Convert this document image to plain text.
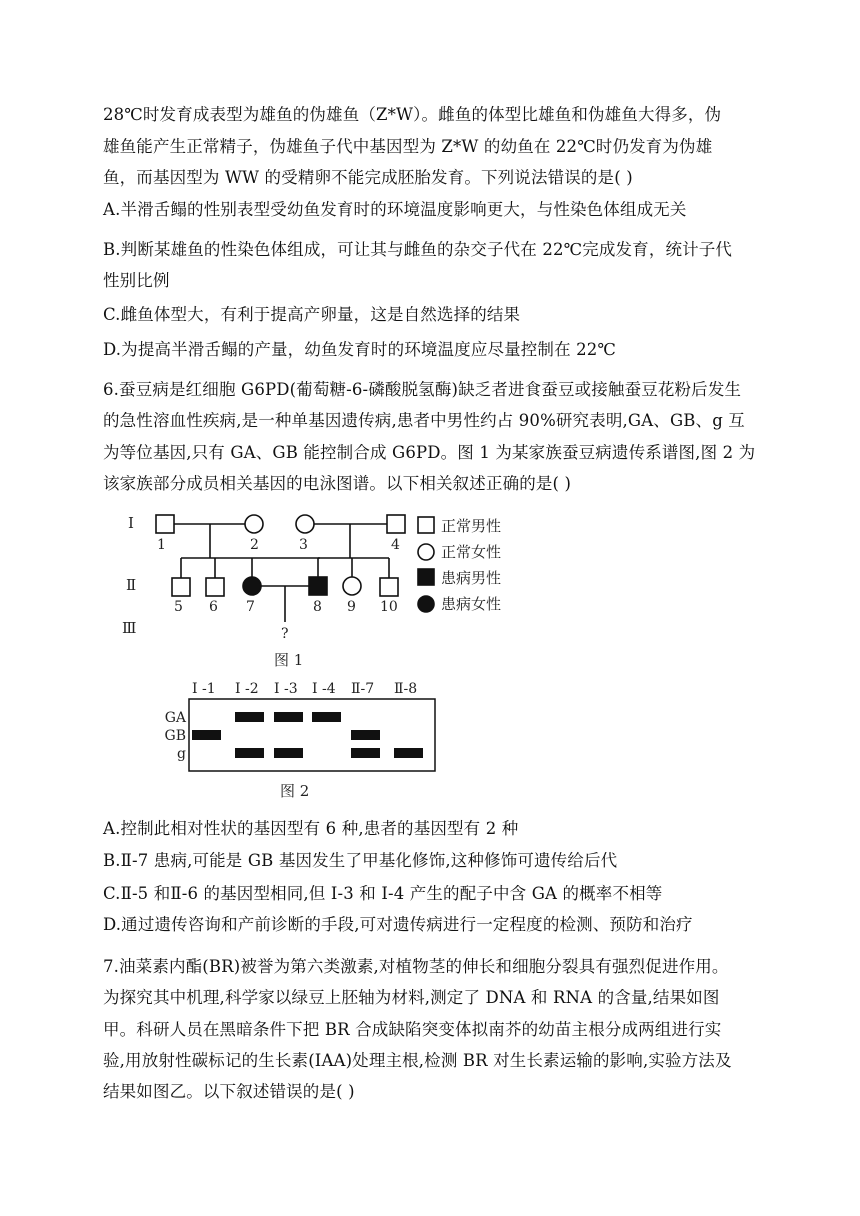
28℃时发育成表型为雄鱼的伪雄鱼（Z*W）。雌鱼的体型比雄鱼和伪雄鱼大得多，伪
雄鱼能产生正常精子，伪雄鱼子代中基因型为 Z*W 的幼鱼在 22℃时仍发育为伪雄
鱼，而基因型为 WW 的受精卵不能完成胚胎发育。下列说法错误的是( )
A.半滑舌鳎的性别表型受幼鱼发育时的环境温度影响更大，与性染色体组成无关
B.判断某雄鱼的性染色体组成，可让其与雌鱼的杂交子代在 22℃完成发育，统计子代
性别比例
C.雌鱼体型大，有利于提高产卵量，这是自然选择的结果
D.为提高半滑舌鳎的产量，幼鱼发育时的环境温度应尽量控制在 22℃
6.蚕豆病是红细胞 G6PD(葡萄糖-6-磷酸脱氢酶)缺乏者进食蚕豆或接触蚕豆花粉后发生
的急性溶血性疾病,是一种单基因遗传病,患者中男性约占 90%研究表明,GA、GB、g 互
为等位基因,只有 GA、GB 能控制合成 G6PD。图 1 为某家族蚕豆病遗传系谱图,图 2 为
该家族部分成员相关基因的电泳图谱。以下相关叙述正确的是( )
I
Ⅱ
Ⅲ
1	2	3	4
5 6 7	8 9 10
?
图 1
正常男性
正常女性
患病男性
患病女性
I -1 I -2 I -3 I -4 Ⅱ-7 Ⅱ-8
GA
GB
g
图 2
A.控制此相对性状的基因型有 6 种,患者的基因型有 2 种
B.Ⅱ-7 患病,可能是 GB 基因发生了甲基化修饰,这种修饰可遗传给后代
C.Ⅱ-5 和Ⅱ-6 的基因型相同,但 I-3 和 I-4 产生的配子中含 GA 的概率不相等
D.通过遗传咨询和产前诊断的手段,可对遗传病进行一定程度的检测、预防和治疗
7.油菜素内酯(BR)被誉为第六类激素,对植物茎的伸长和细胞分裂具有强烈促进作用。
为探究其中机理,科学家以绿豆上胚轴为材料,测定了 DNA 和 RNA 的含量,结果如图
甲。科研人员在黑暗条件下把 BR 合成缺陷突变体拟南芥的幼苗主根分成两组进行实
验,用放射性碳标记的生长素(IAA)处理主根,检测 BR 对生长素运输的影响,实验方法及
结果如图乙。以下叙述错误的是( )
